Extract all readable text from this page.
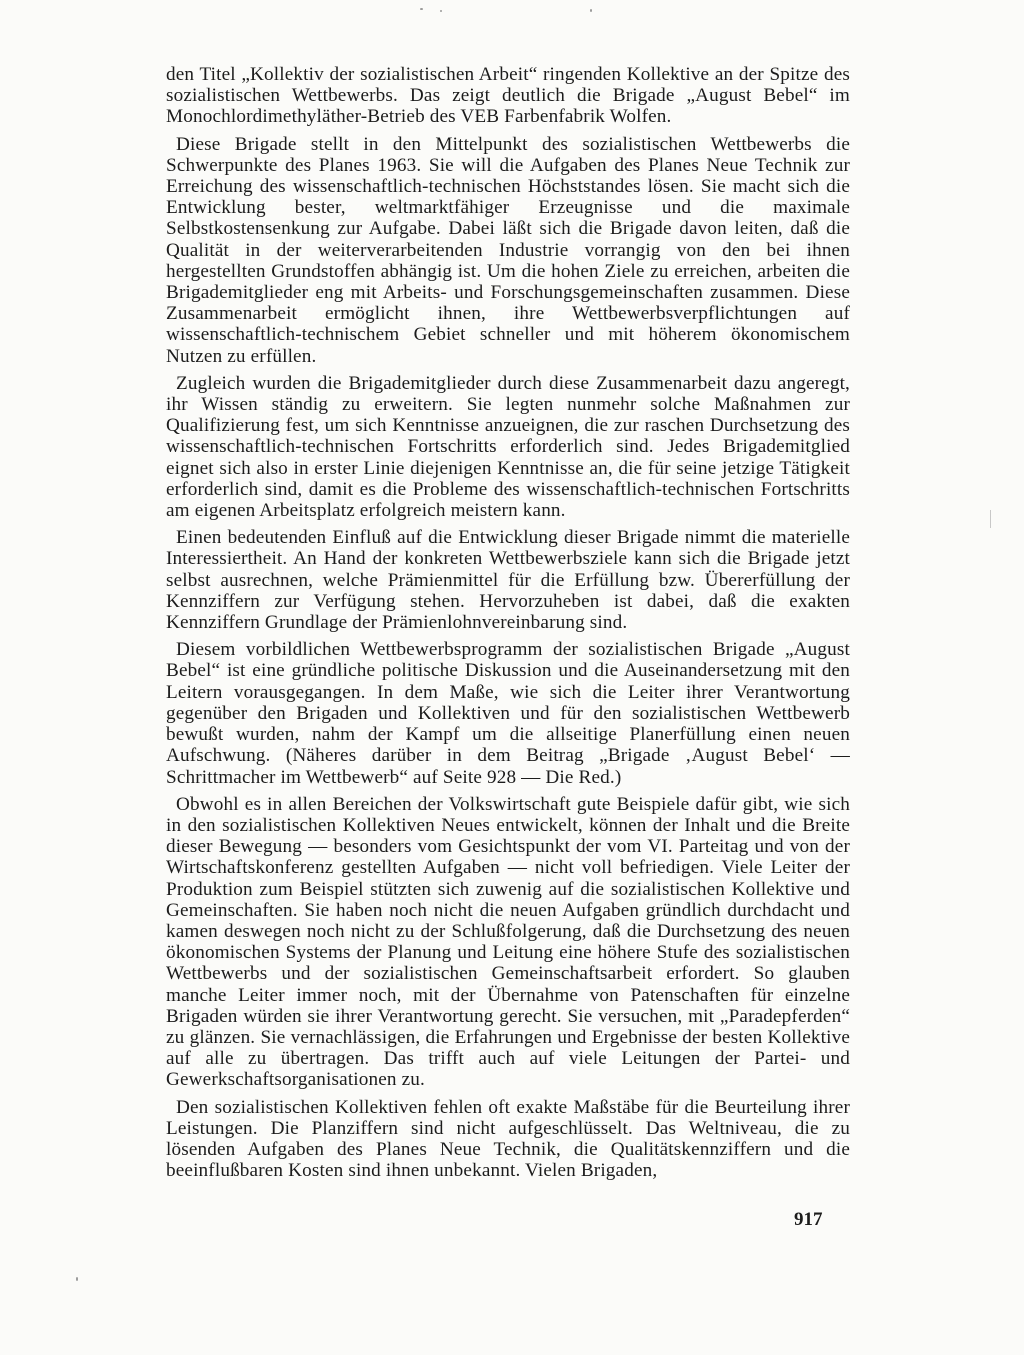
den Titel „Kollektiv der sozialistischen Arbeit“ ringenden Kollektive an der Spitze des sozialistischen Wettbewerbs. Das zeigt deutlich die Brigade „August Bebel“ im Monochlordimethyläther-Betrieb des VEB Farbenfabrik Wolfen.

Diese Brigade stellt in den Mittelpunkt des sozialistischen Wettbewerbs die Schwerpunkte des Planes 1963. Sie will die Aufgaben des Planes Neue Technik zur Erreichung des wissenschaftlich-technischen Höchststandes lösen. Sie macht sich die Entwicklung bester, weltmarktfähiger Erzeugnisse und die maximale Selbstkostensenkung zur Aufgabe. Dabei läßt sich die Brigade davon leiten, daß die Qualität in der weiterverarbeitenden Industrie vorrangig von den bei ihnen hergestellten Grundstoffen abhängig ist. Um die hohen Ziele zu erreichen, arbeiten die Brigademitglieder eng mit Arbeits- und Forschungsgemeinschaften zusammen. Diese Zusammenarbeit ermöglicht ihnen, ihre Wettbewerbsverpflichtungen auf wissenschaftlich-technischem Gebiet schneller und mit höherem ökonomischem Nutzen zu erfüllen.

Zugleich wurden die Brigademitglieder durch diese Zusammenarbeit dazu angeregt, ihr Wissen ständig zu erweitern. Sie legten nunmehr solche Maßnahmen zur Qualifizierung fest, um sich Kenntnisse anzueignen, die zur raschen Durchsetzung des wissenschaftlich-technischen Fortschritts erforderlich sind. Jedes Brigademitglied eignet sich also in erster Linie diejenigen Kenntnisse an, die für seine jetzige Tätigkeit erforderlich sind, damit es die Probleme des wissenschaftlich-technischen Fortschritts am eigenen Arbeitsplatz erfolgreich meistern kann.

Einen bedeutenden Einfluß auf die Entwicklung dieser Brigade nimmt die materielle Interessiertheit. An Hand der konkreten Wettbewerbsziele kann sich die Brigade jetzt selbst ausrechnen, welche Prämienmittel für die Erfüllung bzw. Übererfüllung der Kennziffern zur Verfügung stehen. Hervorzuheben ist dabei, daß die exakten Kennziffern Grundlage der Prämienlohnvereinbarung sind.

Diesem vorbildlichen Wettbewerbsprogramm der sozialistischen Brigade „August Bebel“ ist eine gründliche politische Diskussion und die Auseinandersetzung mit den Leitern vorausgegangen. In dem Maße, wie sich die Leiter ihrer Verantwortung gegenüber den Brigaden und Kollektiven und für den sozialistischen Wettbewerb bewußt wurden, nahm der Kampf um die allseitige Planerfüllung einen neuen Aufschwung. (Näheres darüber in dem Beitrag „Brigade ‚August Bebel‘ — Schrittmacher im Wettbewerb“ auf Seite 928 — Die Red.)

Obwohl es in allen Bereichen der Volkswirtschaft gute Beispiele dafür gibt, wie sich in den sozialistischen Kollektiven Neues entwickelt, können der Inhalt und die Breite dieser Bewegung — besonders vom Gesichtspunkt der vom VI. Parteitag und von der Wirtschaftskonferenz gestellten Aufgaben — nicht voll befriedigen. Viele Leiter der Produktion zum Beispiel stützten sich zuwenig auf die sozialistischen Kollektive und Gemeinschaften. Sie haben noch nicht die neuen Aufgaben gründlich durchdacht und kamen deswegen noch nicht zu der Schlußfolgerung, daß die Durchsetzung des neuen ökonomischen Systems der Planung und Leitung eine höhere Stufe des sozialistischen Wettbewerbs und der sozialistischen Gemeinschaftsarbeit erfordert. So glauben manche Leiter immer noch, mit der Übernahme von Patenschaften für einzelne Brigaden würden sie ihrer Verantwortung gerecht. Sie versuchen, mit „Paradepferden“ zu glänzen. Sie vernachlässigen, die Erfahrungen und Ergebnisse der besten Kollektive auf alle zu übertragen. Das trifft auch auf viele Leitungen der Partei- und Gewerkschaftsorganisationen zu.

Den sozialistischen Kollektiven fehlen oft exakte Maßstäbe für die Beurteilung ihrer Leistungen. Die Planziffern sind nicht aufgeschlüsselt. Das Weltniveau, die zu lösenden Aufgaben des Planes Neue Technik, die Qualitätskennziffern und die beeinflußbaren Kosten sind ihnen unbekannt. Vielen Brigaden,

917
